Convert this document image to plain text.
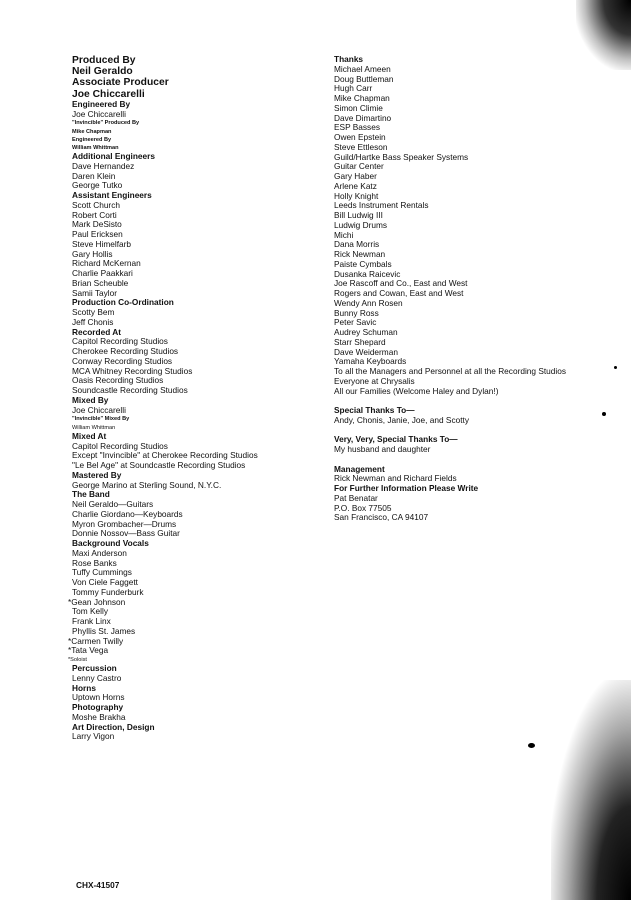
Produced By
Neil Geraldo
Associate Producer
Joe Chiccarelli
Engineered By
Joe Chiccarelli
"Invincible" Produced By
Mike Chapman
Engineered By
William Whittman
Additional Engineers
Dave Hernandez
Daren Klein
George Tutko
Assistant Engineers
Scott Church
Robert Corti
Mark DeSisto
Paul Ericksen
Steve Himelfarb
Gary Hollis
Richard McKernan
Charlie Paakkari
Brian Scheuble
Samii Taylor
Production Co-Ordination
Scotty Bem
Jeff Chonis
Recorded At
Capitol Recording Studios
Cherokee Recording Studios
Conway Recording Studios
MCA Whitney Recording Studios
Oasis Recording Studios
Soundcastle Recording Studios
Mixed By
Joe Chiccarelli
"Invincible" Mixed By
William Whittman
Mixed At
Capitol Recording Studios
Except "Invincible" at Cherokee Recording Studios
"Le Bel Age" at Soundcastle Recording Studios
Mastered By
George Marino at Sterling Sound, N.Y.C.
The Band
Neil Geraldo—Guitars
Charlie Giordano—Keyboards
Myron Grombacher—Drums
Donnie Nossov—Bass Guitar
Background Vocals
Maxi Anderson
Rose Banks
Tuffy Cummings
Von Ciele Faggett
Tommy Funderburk
*Gean Johnson
Tom Kelly
Frank Linx
Phyllis St. James
*Carmen Twilly
*Tata Vega
*Soloist
Percussion
Lenny Castro
Horns
Uptown Horns
Photography
Moshe Brakha
Art Direction, Design
Larry Vigon
Thanks
Michael Ameen
Doug Buttleman
Hugh Carr
Mike Chapman
Simon Climie
Dave Dimartino
ESP Basses
Owen Epstein
Steve Ettleson
Guild/Hartke Bass Speaker Systems
Guitar Center
Gary Haber
Arlene Katz
Holly Knight
Leeds Instrument Rentals
Bill Ludwig III
Ludwig Drums
Michi
Dana Morris
Rick Newman
Paiste Cymbals
Dusanka Raicevic
Joe Rascoff and Co., East and West
Rogers and Cowan, East and West
Wendy Ann Rosen
Bunny Ross
Peter Savic
Audrey Schuman
Starr Shepard
Dave Weiderman
Yamaha Keyboards
To all the Managers and Personnel at all the Recording Studios
Everyone at Chrysalis
All our Families (Welcome Haley and Dylan!)
Special Thanks To—
Andy, Chonis, Janie, Joe, and Scotty
Very, Very, Special Thanks To—
My husband and daughter
Management
Rick Newman and Richard Fields
For Further Information Please Write
Pat Benatar
P.O. Box 77505
San Francisco, CA 94107
CHX-41507
